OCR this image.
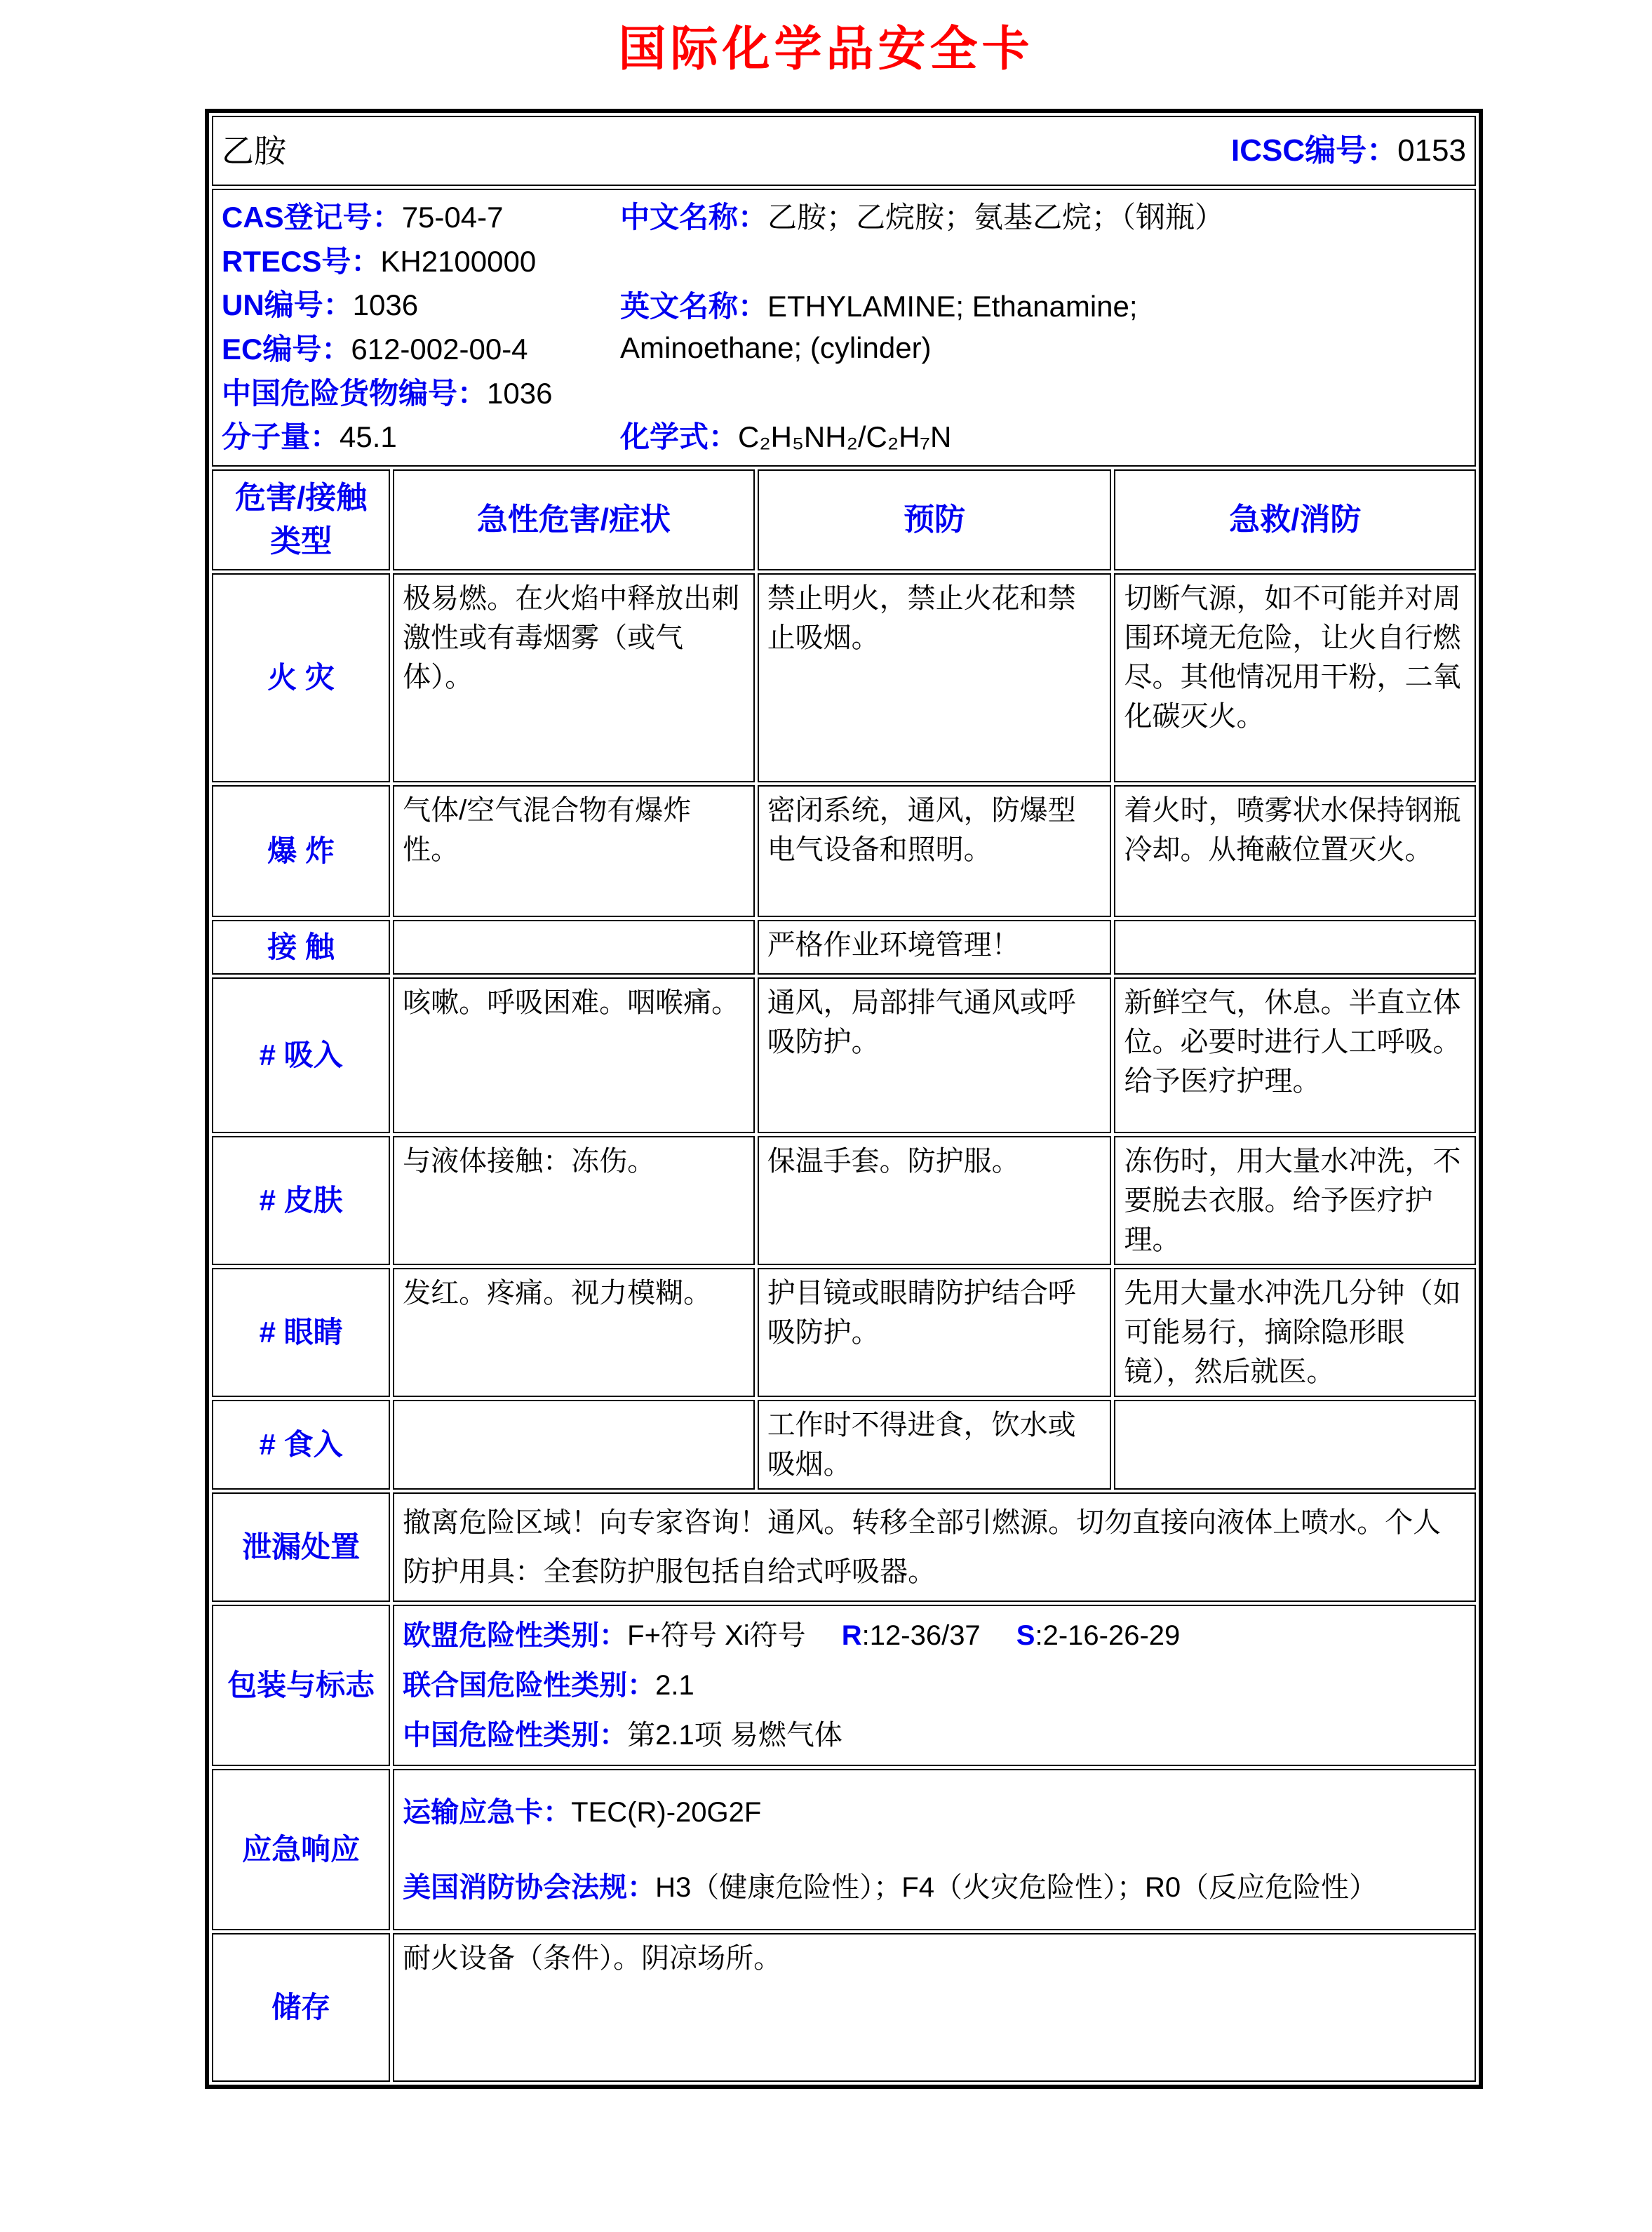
国际化学品安全卡
乙胺 ICSC编号：0153			

CAS登记号：75-04-7
RTECS号：KH2100000
UN编号：1036
EC编号：612-002-00-4
中国危险货物编号：1036
分子量：45.1
中文名称：乙胺；乙烷胺；氨基乙烷；（钢瓶）
英文名称：ETHYLAMINE; Ethanamine; Aminoethane; (cylinder)
化学式：C₂H₅NH₂/C₂H₇N

危害/接触
类型	急性危害/症状	预防	急救/消防
火 灾	极易燃。在火焰中释放出刺激性或有毒烟雾（或气体）。	禁止明火，禁止火花和禁止吸烟。	切断气源，如不可能并对周围环境无危险，让火自行燃尽。其他情况用干粉，二氧化碳灭火。
爆 炸	气体/空气混合物有爆炸性。	密闭系统，通风，防爆型电气设备和照明。	着火时，喷雾状水保持钢瓶冷却。从掩蔽位置灭火。
接 触		严格作业环境管理！	
# 吸入	咳嗽。呼吸困难。咽喉痛。	通风，局部排气通风或呼吸防护。	新鲜空气，休息。半直立体位。必要时进行人工呼吸。给予医疗护理。
# 皮肤	与液体接触：冻伤。	保温手套。防护服。	冻伤时，用大量水冲洗，不要脱去衣服。给予医疗护理。
# 眼睛	发红。疼痛。视力模糊。	护目镜或眼睛防护结合呼吸防护。	先用大量水冲洗几分钟（如可能易行，摘除隐形眼镜），然后就医。
# 食入		工作时不得进食，饮水或吸烟。	
泄漏处置	撤离危险区域！向专家咨询！通风。转移全部引燃源。切勿直接向液体上喷水。个人防护用具：全套防护服包括自给式呼吸器。		
包装与标志	欧盟危险性类别：F+符号 Xi符号　 R:12-36/37　 S:2-16-26-29
联合国危险性类别：2.1
中国危险性类别：第2.1项 易燃气体		

应急响应	运输应急卡：TEC(R)-20G2F
美国消防协会法规：H3（健康危险性）；F4（火灾危险性）；R0（反应危险性）		

储存	耐火设备（条件）。阴凉场所。		
